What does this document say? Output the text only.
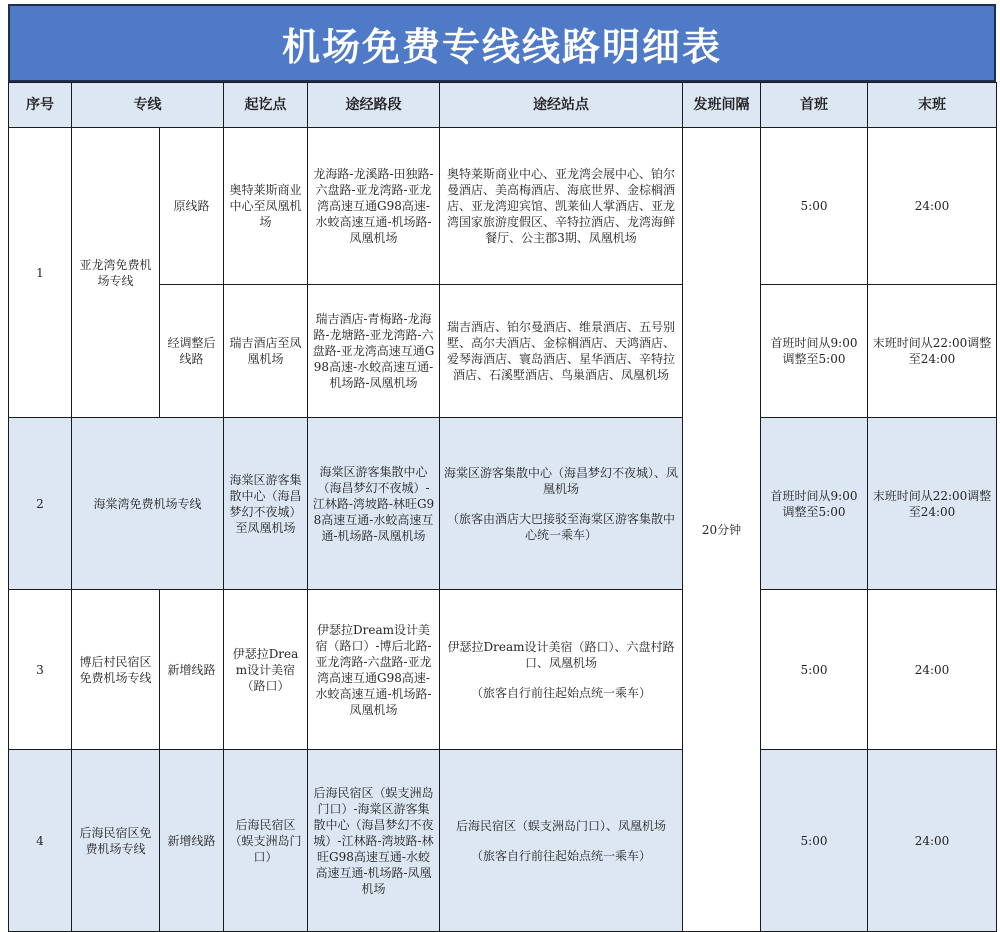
机场免费专线线路明细表
序号	专线		起讫点	途经路段	途经站点	发班间隔	首班	末班
1	亚龙湾免费机场专线	原线路	奥特莱斯商业中心至凤凰机场	龙海路-龙溪路-田独路-六盘路-亚龙湾路-亚龙湾高速互通G98高速-水蛟高速互通-机场路-凤凰机场	奥特莱斯商业中心、亚龙湾会展中心、铂尔曼酒店、美高梅酒店、海底世界、金棕榈酒店、亚龙湾迎宾馆、凯莱仙人掌酒店、亚龙湾国家旅游度假区、辛特拉酒店、龙湾海鲜餐厅、公主郡3期、凤凰机场	20分钟	5:00	24:00
		经调整后线路	瑞吉酒店至凤凰机场	瑞吉酒店-青梅路-龙海路-龙塘路-亚龙湾路-六盘路-亚龙湾高速互通G98高速-水蛟高速互通-机场路-凤凰机场	瑞吉酒店、铂尔曼酒店、维景酒店、五号别墅、高尔夫酒店、金棕榈酒店、天鸿酒店、爱琴海酒店、寰岛酒店、星华酒店、辛特拉酒店、石溪墅酒店、鸟巢酒店、凤凰机场		首班时间从9:00调整至5:00	末班时间从22:00调整至24:00
2	海棠湾免费机场专线		海棠区游客集散中心（海昌梦幻不夜城）至凤凰机场	海棠区游客集散中心（海昌梦幻不夜城）-江林路-湾坡路-林旺G98高速互通-水蛟高速互通-机场路-凤凰机场	海棠区游客集散中心（海昌梦幻不夜城）、凤凰机场
（旅客由酒店大巴接驳至海棠区游客集散中心统一乘车）		首班时间从9:00调整至5:00	末班时间从22:00调整至24:00
3	博后村民宿区免费机场专线	新增线路	伊瑟拉Dream设计美宿（路口）	伊瑟拉Dream设计美宿（路口）-博后北路-亚龙湾路-六盘路-亚龙湾高速互通G98高速-水蛟高速互通-机场路-凤凰机场	伊瑟拉Dream设计美宿（路口）、六盘村路口、凤凰机场
（旅客自行前往起始点统一乘车）		5:00	24:00
4	后海民宿区免费机场专线	新增线路	后海民宿区（蜈支洲岛门口）	后海民宿区（蜈支洲岛门口）-海棠区游客集散中心（海昌梦幻不夜城）-江林路-湾坡路-林旺G98高速互通-水蛟高速互通-机场路-凤凰机场	后海民宿区（蜈支洲岛门口）、凤凰机场
（旅客自行前往起始点统一乘车）		5:00	24:00
